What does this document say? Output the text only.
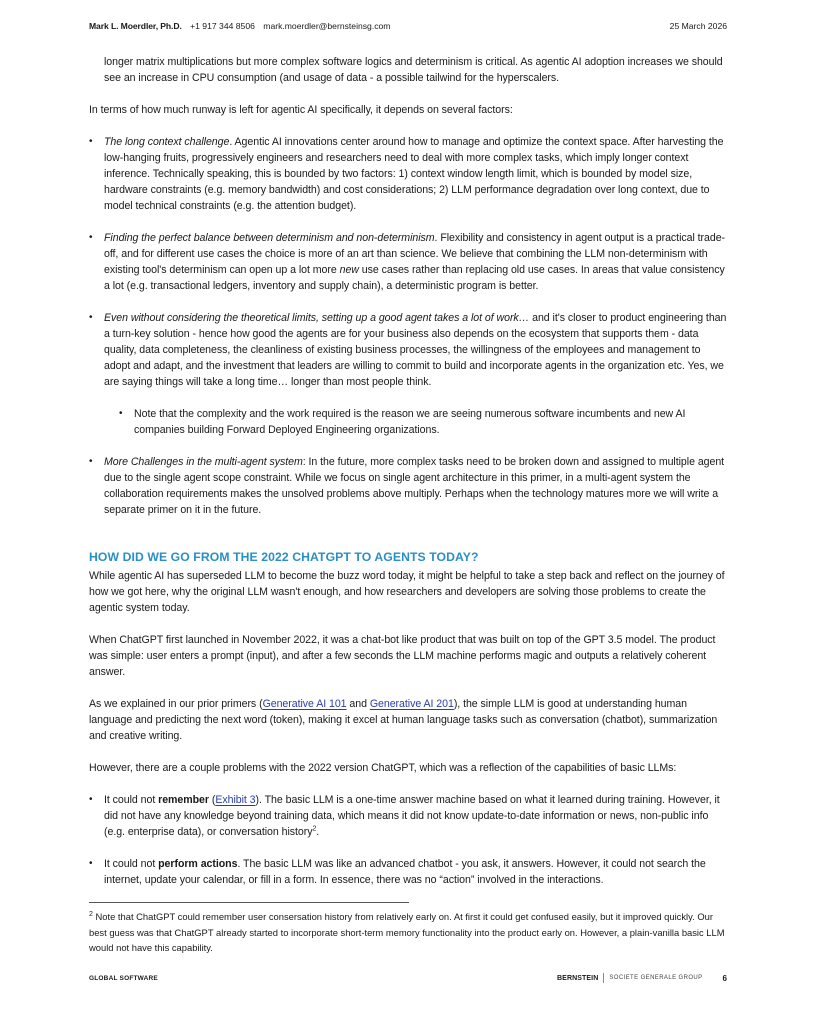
Mark L. Moerdler, Ph.D. +1 917 344 8506 mark.moerdler@bernsteinsg.com	25 March 2026

longer matrix multiplications but more complex software logics and determinism is critical. As agentic AI adoption increases we should see an increase in CPU consumption (and usage of data - a possible tailwind for the hyperscalers.

In terms of how much runway is left for agentic AI specifically, it depends on several factors:

• The long context challenge. Agentic AI innovations center around how to manage and optimize the context space. After harvesting the low-hanging fruits, progressively engineers and researchers need to deal with more complex tasks, which imply longer context inference. Technically speaking, this is bounded by two factors: 1) context window length limit, which is bounded by model size, hardware constraints (e.g. memory bandwidth) and cost considerations; 2) LLM performance degradation over long context, due to model technical constraints (e.g. the attention budget).
• Finding the perfect balance between determinism and non-determinism. Flexibility and consistency in agent output is a practical trade-off, and for different use cases the choice is more of an art than science. We believe that combining the LLM non-determinism with existing tool's determinism can open up a lot more new use cases rather than replacing old use cases. In areas that value consistency a lot (e.g. transactional ledgers, inventory and supply chain), a deterministic program is better.
• Even without considering the theoretical limits, setting up a good agent takes a lot of work… and it's closer to product engineering than a turn-key solution - hence how good the agents are for your business also depends on the ecosystem that supports them - data quality, data completeness, the cleanliness of existing business processes, the willingness of the employees and management to adopt and adapt, and the investment that leaders are willing to commit to build and incorporate agents in the organization etc. Yes, we are saying things will take a long time… longer than most people think.
• Note that the complexity and the work required is the reason we are seeing numerous software incumbents and new AI companies building Forward Deployed Engineering organizations.
• More Challenges in the multi-agent system: In the future, more complex tasks need to be broken down and assigned to multiple agent due to the single agent scope constraint. While we focus on single agent architecture in this primer, in a multi-agent system the collaboration requirements makes the unsolved problems above multiply. Perhaps when the technology matures more we will write a separate primer on it in the future.
HOW DID WE GO FROM THE 2022 CHATGPT TO AGENTS TODAY?

While agentic AI has superseded LLM to become the buzz word today, it might be helpful to take a step back and reflect on the journey of how we got here, why the original LLM wasn't enough, and how researchers and developers are solving those problems to create the agentic system today.

When ChatGPT first launched in November 2022, it was a chat-bot like product that was built on top of the GPT 3.5 model. The product was simple: user enters a prompt (input), and after a few seconds the LLM machine performs magic and outputs a relatively coherent answer.

As we explained in our prior primers (Generative AI 101 and Generative AI 201), the simple LLM is good at understanding human language and predicting the next word (token), making it excel at human language tasks such as conversation (chatbot), summarization and creative writing.

However, there are a couple problems with the 2022 version ChatGPT, which was a reflection of the capabilities of basic LLMs:

• It could not remember (Exhibit 3). The basic LLM is a one-time answer machine based on what it learned during training. However, it did not have any knowledge beyond training data, which means it did not know update-to-date information or news, non-public info (e.g. enterprise data), or conversation history$^2$.
• It could not perform actions. The basic LLM was like an advanced chatbot - you ask, it answers. However, it could not search the internet, update your calendar, or fill in a form. In essence, there was no “action” involved in the interactions.
$^2$ Note that ChatGPT could remember user consersation history from relatively early on. At first it could get confused easily, but it improved quickly. Our best guess was that ChatGPT already started to incorporate short-term memory functionality into the product early on. However, a plain-vanilla basic LLM would not have this capability.
GLOBAL SOFTWARE	BERNSTEIN SOCIETE GENERALE GROUP	6
